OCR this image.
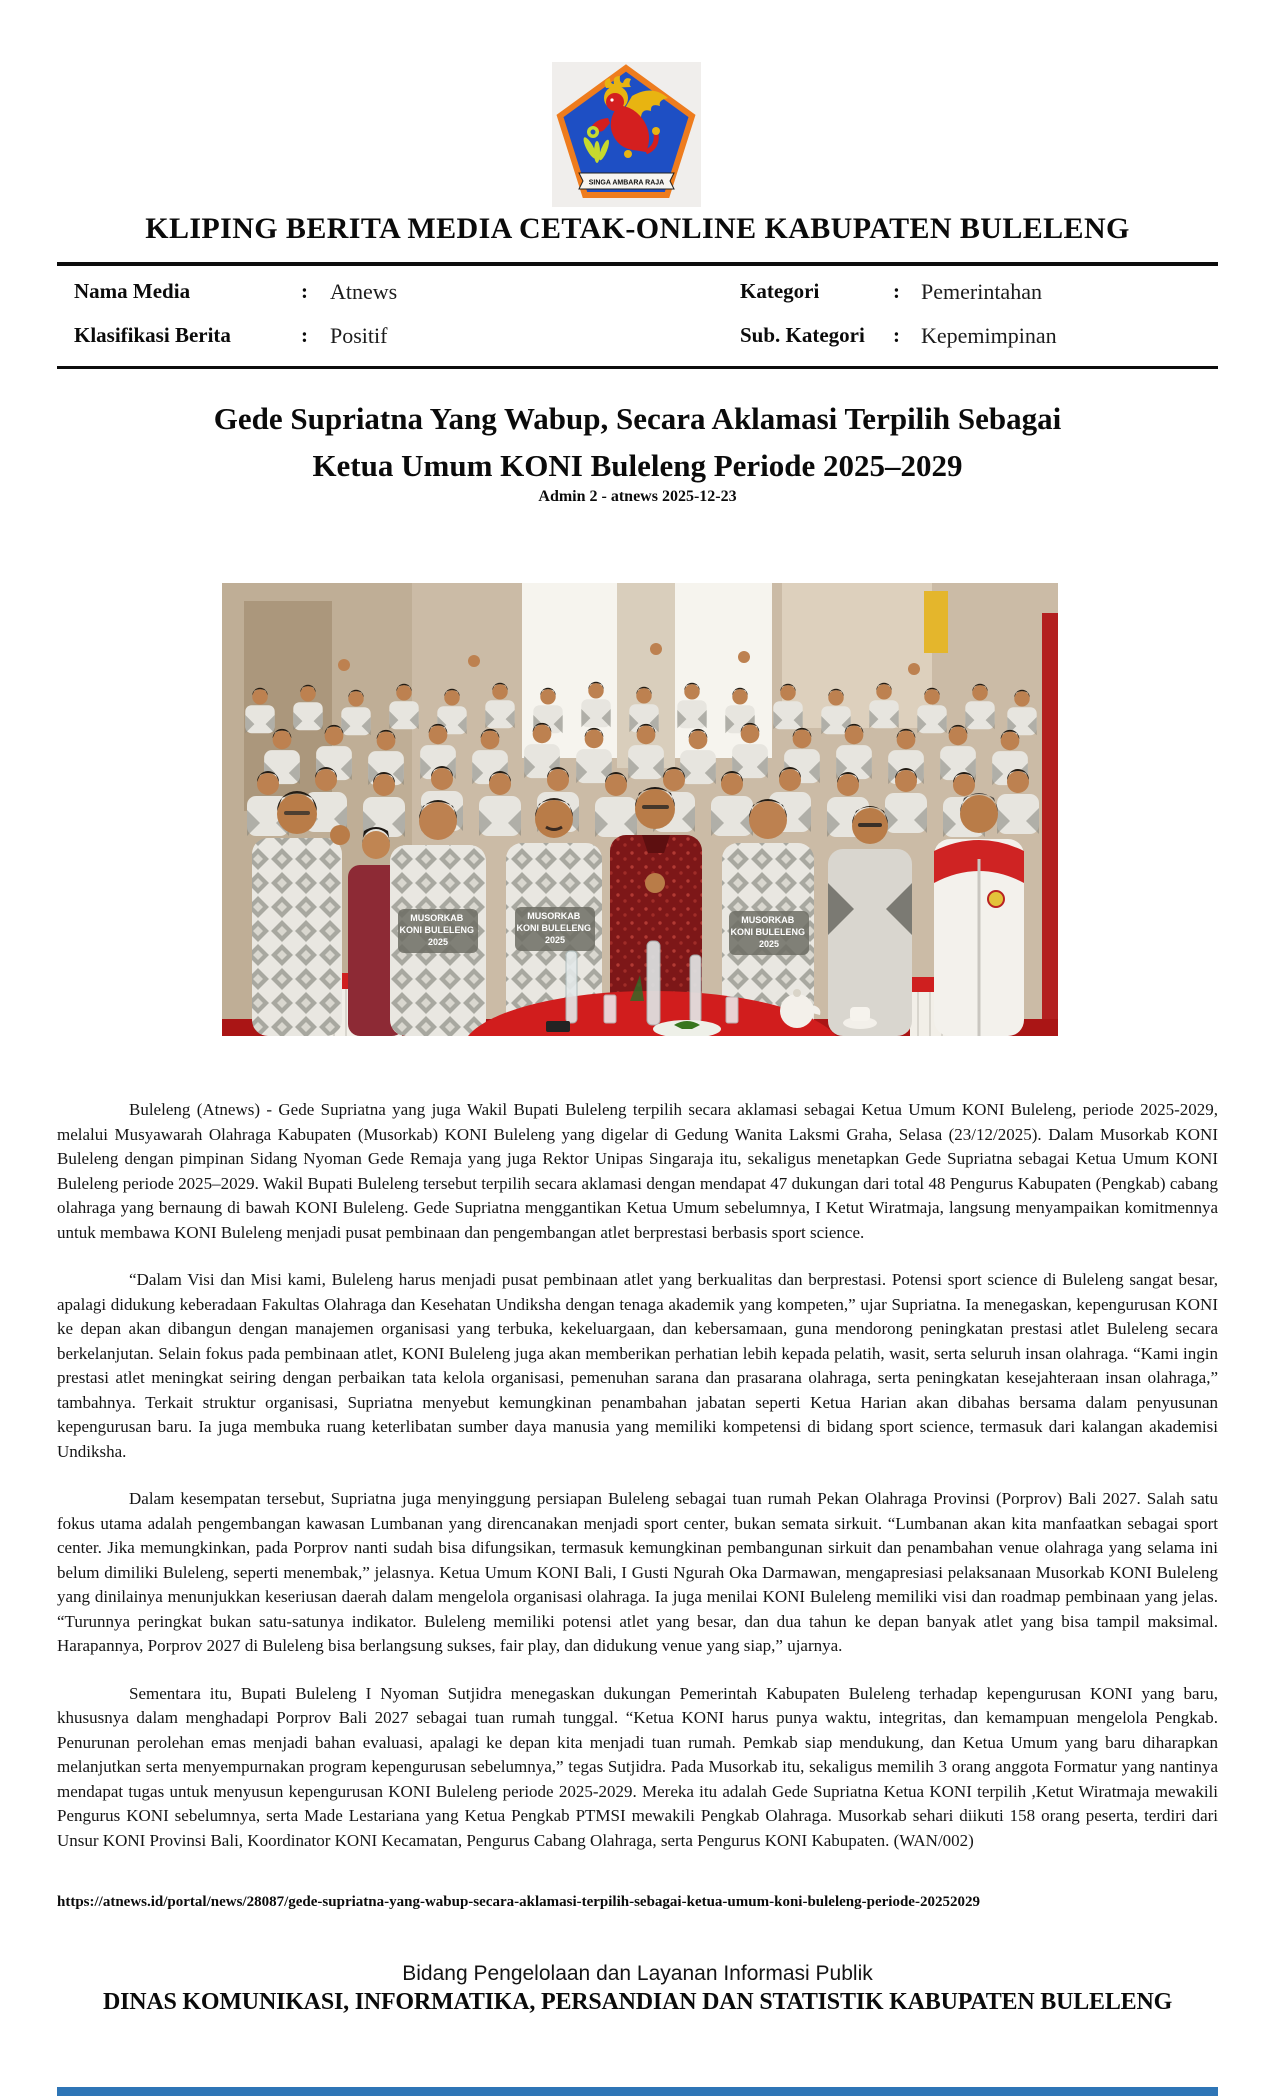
SINGA AMBARA RAJA
KLIPING BERITA MEDIA CETAK-ONLINE KABUPATEN BULELENG
Nama Media	: Atnews	Kategori	: Pemerintahan
Klasifikasi Berita	: Positif	Sub. Kategori : Kepemimpinan
Gede Supriatna Yang Wabup, Secara Aklamasi Terpilih Sebagai
Ketua Umum KONI Buleleng Periode 2025–2029
Admin 2 - atnews 2025-12-23
MUSORKAB KONI BULELENG 2025
MUSORKAB KONI BULELENG 2025
MUSORKAB KONI BULELENG 2025

Buleleng (Atnews) - Gede Supriatna yang juga Wakil Bupati Buleleng terpilih secara aklamasi sebagai Ketua Umum KONI Buleleng, periode 2025-2029, melalui Musyawarah Olahraga Kabupaten (Musorkab) KONI Buleleng yang digelar di Gedung Wanita Laksmi Graha, Selasa (23/12/2025). Dalam Musorkab KONI Buleleng dengan pimpinan Sidang Nyoman Gede Remaja yang juga Rektor Unipas Singaraja itu, sekaligus menetapkan Gede Supriatna sebagai Ketua Umum KONI Buleleng periode 2025–2029. Wakil Bupati Buleleng tersebut terpilih secara aklamasi dengan mendapat 47 dukungan dari total 48 Pengurus Kabupaten (Pengkab) cabang olahraga yang bernaung di bawah KONI Buleleng. Gede Supriatna menggantikan Ketua Umum sebelumnya, I Ketut Wiratmaja, langsung menyampaikan komitmennya untuk membawa KONI Buleleng menjadi pusat pembinaan dan pengembangan atlet berprestasi berbasis sport science.

“Dalam Visi dan Misi kami, Buleleng harus menjadi pusat pembinaan atlet yang berkualitas dan berprestasi. Potensi sport science di Buleleng sangat besar, apalagi didukung keberadaan Fakultas Olahraga dan Kesehatan Undiksha dengan tenaga akademik yang kompeten,” ujar Supriatna. Ia menegaskan, kepengurusan KONI ke depan akan dibangun dengan manajemen organisasi yang terbuka, kekeluargaan, dan kebersamaan, guna mendorong peningkatan prestasi atlet Buleleng secara berkelanjutan. Selain fokus pada pembinaan atlet, KONI Buleleng juga akan memberikan perhatian lebih kepada pelatih, wasit, serta seluruh insan olahraga. “Kami ingin prestasi atlet meningkat seiring dengan perbaikan tata kelola organisasi, pemenuhan sarana dan prasarana olahraga, serta peningkatan kesejahteraan insan olahraga,” tambahnya. Terkait struktur organisasi, Supriatna menyebut kemungkinan penambahan jabatan seperti Ketua Harian akan dibahas bersama dalam penyusunan kepengurusan baru. Ia juga membuka ruang keterlibatan sumber daya manusia yang memiliki kompetensi di bidang sport science, termasuk dari kalangan akademisi Undiksha.

Dalam kesempatan tersebut, Supriatna juga menyinggung persiapan Buleleng sebagai tuan rumah Pekan Olahraga Provinsi (Porprov) Bali 2027. Salah satu fokus utama adalah pengembangan kawasan Lumbanan yang direncanakan menjadi sport center, bukan semata sirkuit. “Lumbanan akan kita manfaatkan sebagai sport center. Jika memungkinkan, pada Porprov nanti sudah bisa difungsikan, termasuk kemungkinan pembangunan sirkuit dan penambahan venue olahraga yang selama ini belum dimiliki Buleleng, seperti menembak,” jelasnya. Ketua Umum KONI Bali, I Gusti Ngurah Oka Darmawan, mengapresiasi pelaksanaan Musorkab KONI Buleleng yang dinilainya menunjukkan keseriusan daerah dalam mengelola organisasi olahraga. Ia juga menilai KONI Buleleng memiliki visi dan roadmap pembinaan yang jelas. “Turunnya peringkat bukan satu-satunya indikator. Buleleng memiliki potensi atlet yang besar, dan dua tahun ke depan banyak atlet yang bisa tampil maksimal. Harapannya, Porprov 2027 di Buleleng bisa berlangsung sukses, fair play, dan didukung venue yang siap,” ujarnya.

Sementara itu, Bupati Buleleng I Nyoman Sutjidra menegaskan dukungan Pemerintah Kabupaten Buleleng terhadap kepengurusan KONI yang baru, khususnya dalam menghadapi Porprov Bali 2027 sebagai tuan rumah tunggal. “Ketua KONI harus punya waktu, integritas, dan kemampuan mengelola Pengkab. Penurunan perolehan emas menjadi bahan evaluasi, apalagi ke depan kita menjadi tuan rumah. Pemkab siap mendukung, dan Ketua Umum yang baru diharapkan melanjutkan serta menyempurnakan program kepengurusan sebelumnya,” tegas Sutjidra. Pada Musorkab itu, sekaligus memilih 3 orang anggota Formatur yang nantinya mendapat tugas untuk menyusun kepengurusan KONI Buleleng periode 2025-2029. Mereka itu adalah Gede Supriatna Ketua KONI terpilih ,Ketut Wiratmaja mewakili Pengurus KONI sebelumnya, serta Made Lestariana yang Ketua Pengkab PTMSI mewakili Pengkab Olahraga. Musorkab sehari diikuti 158 orang peserta, terdiri dari Unsur KONI Provinsi Bali, Koordinator KONI Kecamatan, Pengurus Cabang Olahraga, serta Pengurus KONI Kabupaten. (WAN/002)

https://atnews.id/portal/news/28087/gede-supriatna-yang-wabup-secara-aklamasi-terpilih-sebagai-ketua-umum-koni-buleleng-periode-20252029
Bidang Pengelolaan dan Layanan Informasi Publik
DINAS KOMUNIKASI, INFORMATIKA, PERSANDIAN DAN STATISTIK KABUPATEN BULELENG
